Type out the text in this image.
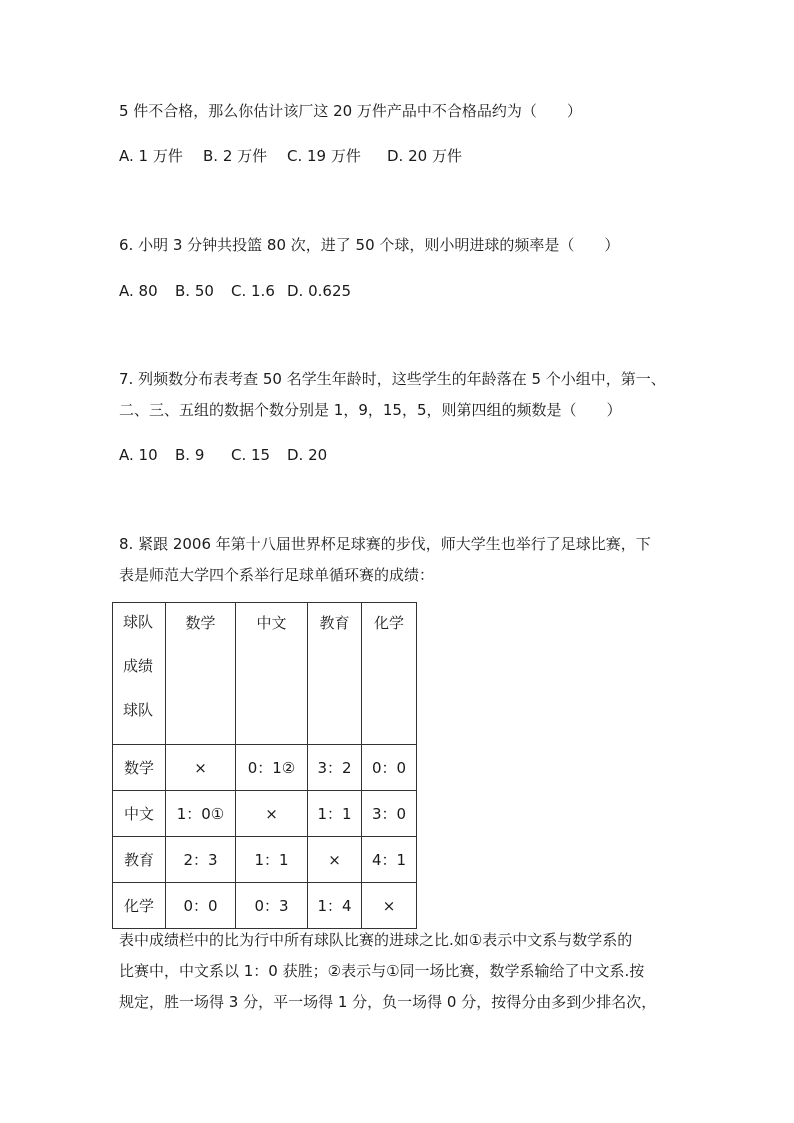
5 件不合格，那么你估计该厂这 20 万件产品中不合格品约为（　　）
A. 1 万件 B. 2 万件 C. 19 万件 D. 20 万件
6. 小明 3 分钟共投篮 80 次，进了 50 个球，则小明进球的频率是（　　）
A. 80 B. 50 C. 1.6 D. 0.625
7. 列频数分布表考查 50 名学生年龄时，这些学生的年龄落在 5 个小组中，第一、
二、三、五组的数据个数分别是 1，9，15，5，则第四组的频数是（　　）
A. 10 B. 9 C. 15 D. 20
8. 紧跟 2006 年第十八届世界杯足球赛的步伐，师大学生也举行了足球比赛，下
表是师范大学四个系举行足球单循环赛的成绩：
球队
成绩
球队	数学	中文	教育	化学
数学	×	0：1②	3：2	0：0
中文	1：0①	×	1：1	3：0
教育	2：3	1：1	×	4：1
化学	0：0	0：3	1：4	×
表中成绩栏中的比为行中所有球队比赛的进球之比.如①表示中文系与数学系的
比赛中，中文系以 1：0 获胜；②表示与①同一场比赛，数学系输给了中文系.按
规定，胜一场得 3 分，平一场得 1 分，负一场得 0 分，按得分由多到少排名次，
